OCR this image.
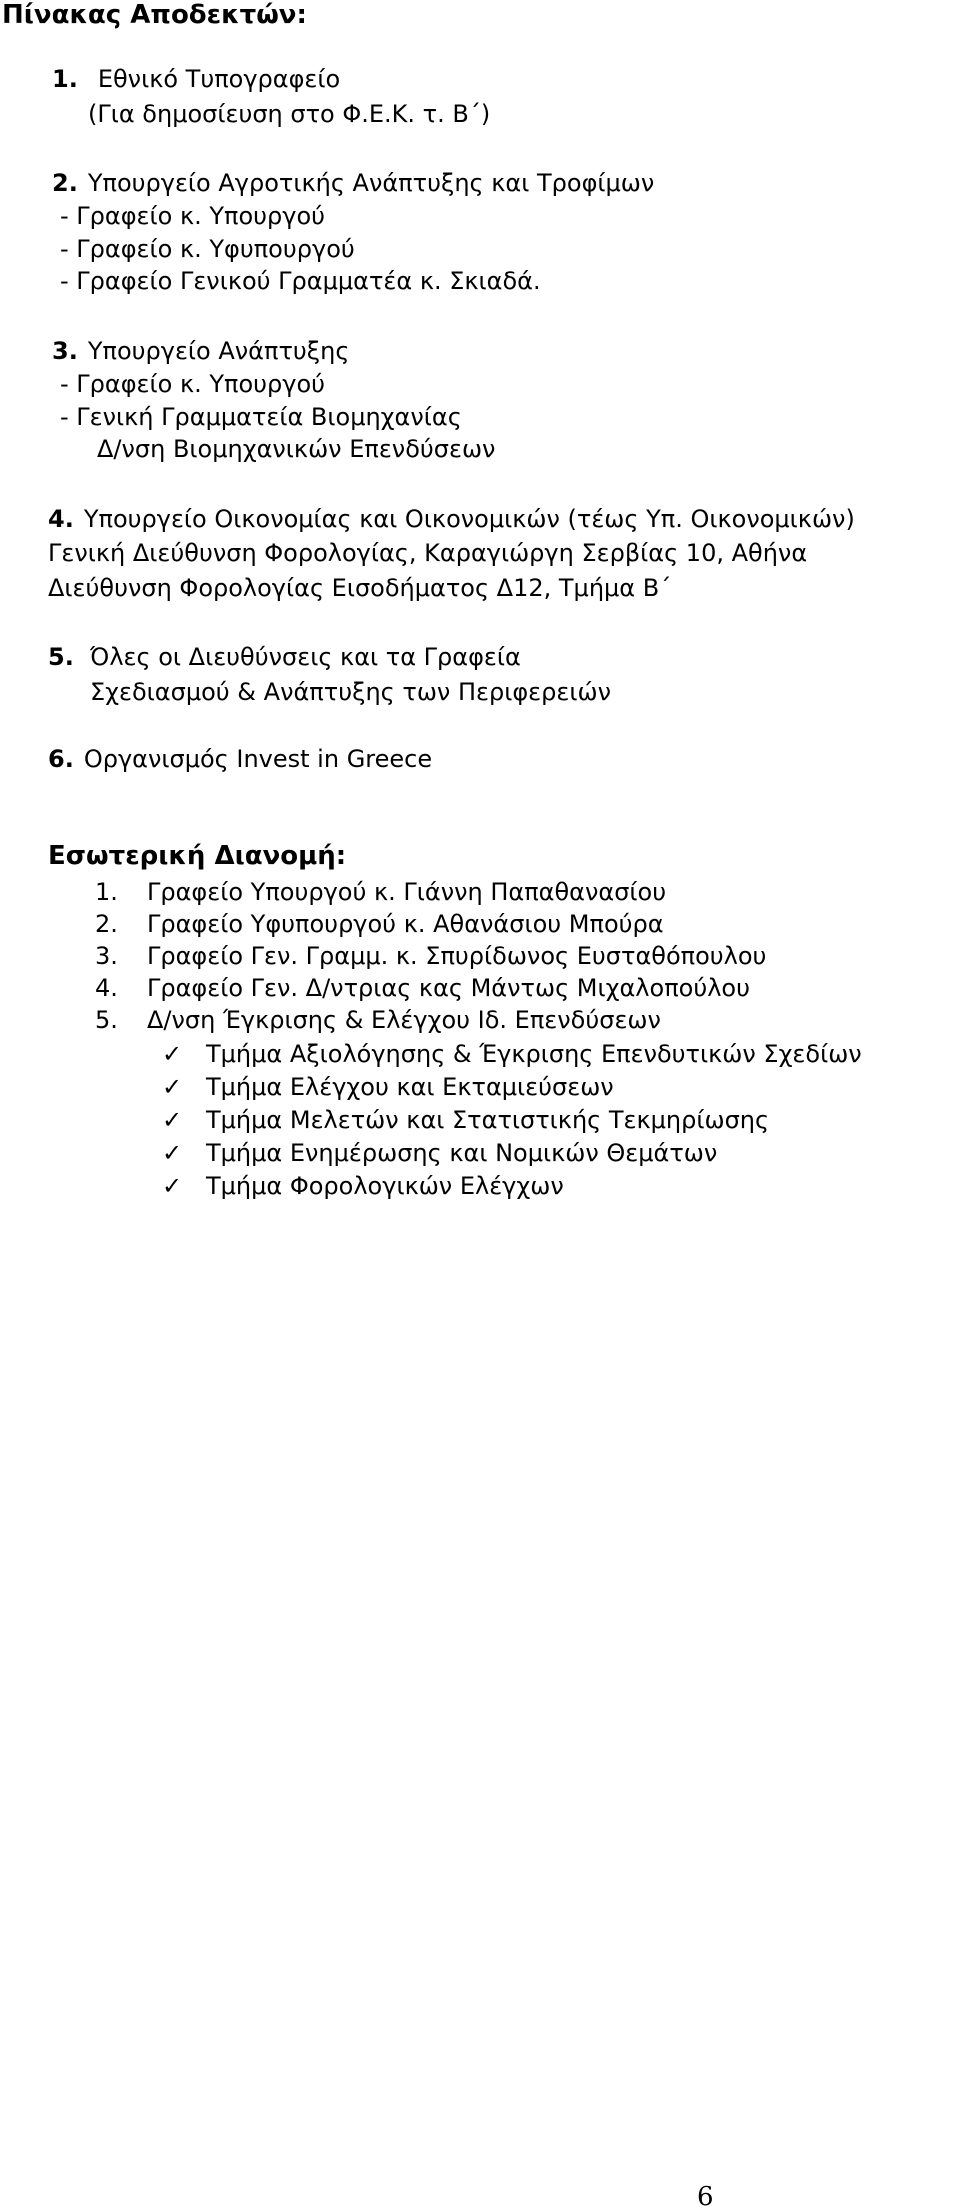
Πίνακας Αποδεκτών:
1. Εθνικό Τυπογραφείο
(Για δημοσίευση στο Φ.Ε.Κ. τ. Β΄)
2. Υπουργείο Αγροτικής Ανάπτυξης και Τροφίμων
- Γραφείο κ. Υπουργού
- Γραφείο κ. Υφυπουργού
- Γραφείο Γενικού Γραμματέα κ. Σκιαδά.
3. Υπουργείο Ανάπτυξης
- Γραφείο κ. Υπουργού
- Γενική Γραμματεία Βιομηχανίας
Δ/νση Βιομηχανικών Επενδύσεων
4. Υπουργείο Οικονομίας και Οικονομικών (τέως Υπ. Οικονομικών)
Γενική Διεύθυνση Φορολογίας, Καραγιώργη Σερβίας 10, Αθήνα
Διεύθυνση Φορολογίας Εισοδήματος Δ12, Τμήμα Β΄
5. Όλες οι Διευθύνσεις και τα Γραφεία
Σχεδιασμού & Ανάπτυξης των Περιφερειών
6. Οργανισμός Invest in Greece
Εσωτερική Διανομή:
1. Γραφείο Υπουργού κ. Γιάννη Παπαθανασίου
2. Γραφείο Υφυπουργού κ. Αθανάσιου Μπούρα
3. Γραφείο Γεν. Γραμμ. κ. Σπυρίδωνος Ευσταθόπουλου
4. Γραφείο Γεν. Δ/ντριας κας Μάντως Μιχαλοπούλου
5. Δ/νση Έγκρισης & Ελέγχου Ιδ. Επενδύσεων
✓ Τμήμα Αξιολόγησης & Έγκρισης Επενδυτικών Σχεδίων
✓ Τμήμα Ελέγχου και Εκταμιεύσεων
✓ Τμήμα Μελετών και Στατιστικής Τεκμηρίωσης
✓ Τμήμα Ενημέρωσης και Νομικών Θεμάτων
✓ Τμήμα Φορολογικών Ελέγχων
6
